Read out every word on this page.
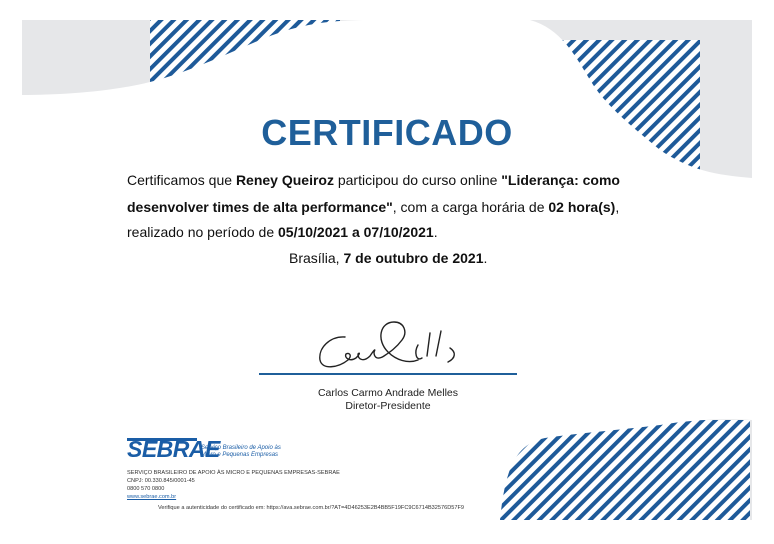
CERTIFICADO
Certificamos que Reney Queiroz participou do curso online "Liderança: como
desenvolver times de alta performance", com a carga horária de 02 hora(s),
realizado no período de 05/10/2021 a 07/10/2021.
Brasília, 7 de outubro de 2021.
Carlos Carmo Andrade Melles
Diretor-Presidente
SEBRAE
Serviço Brasileiro de Apoio às
Micro e Pequenas Empresas
SERVIÇO BRASILEIRO DE APOIO ÀS MICRO E PEQUENAS EMPRESAS-SEBRAE
CNPJ: 00.330.845/0001-45
0800 570 0800
www.sebrae.com.br
Verifique a autenticidade do certificado em: https://ava.sebrae.com.br/?AT=4D46253E2B4BB5F19FC9C6714B32576D57F9
